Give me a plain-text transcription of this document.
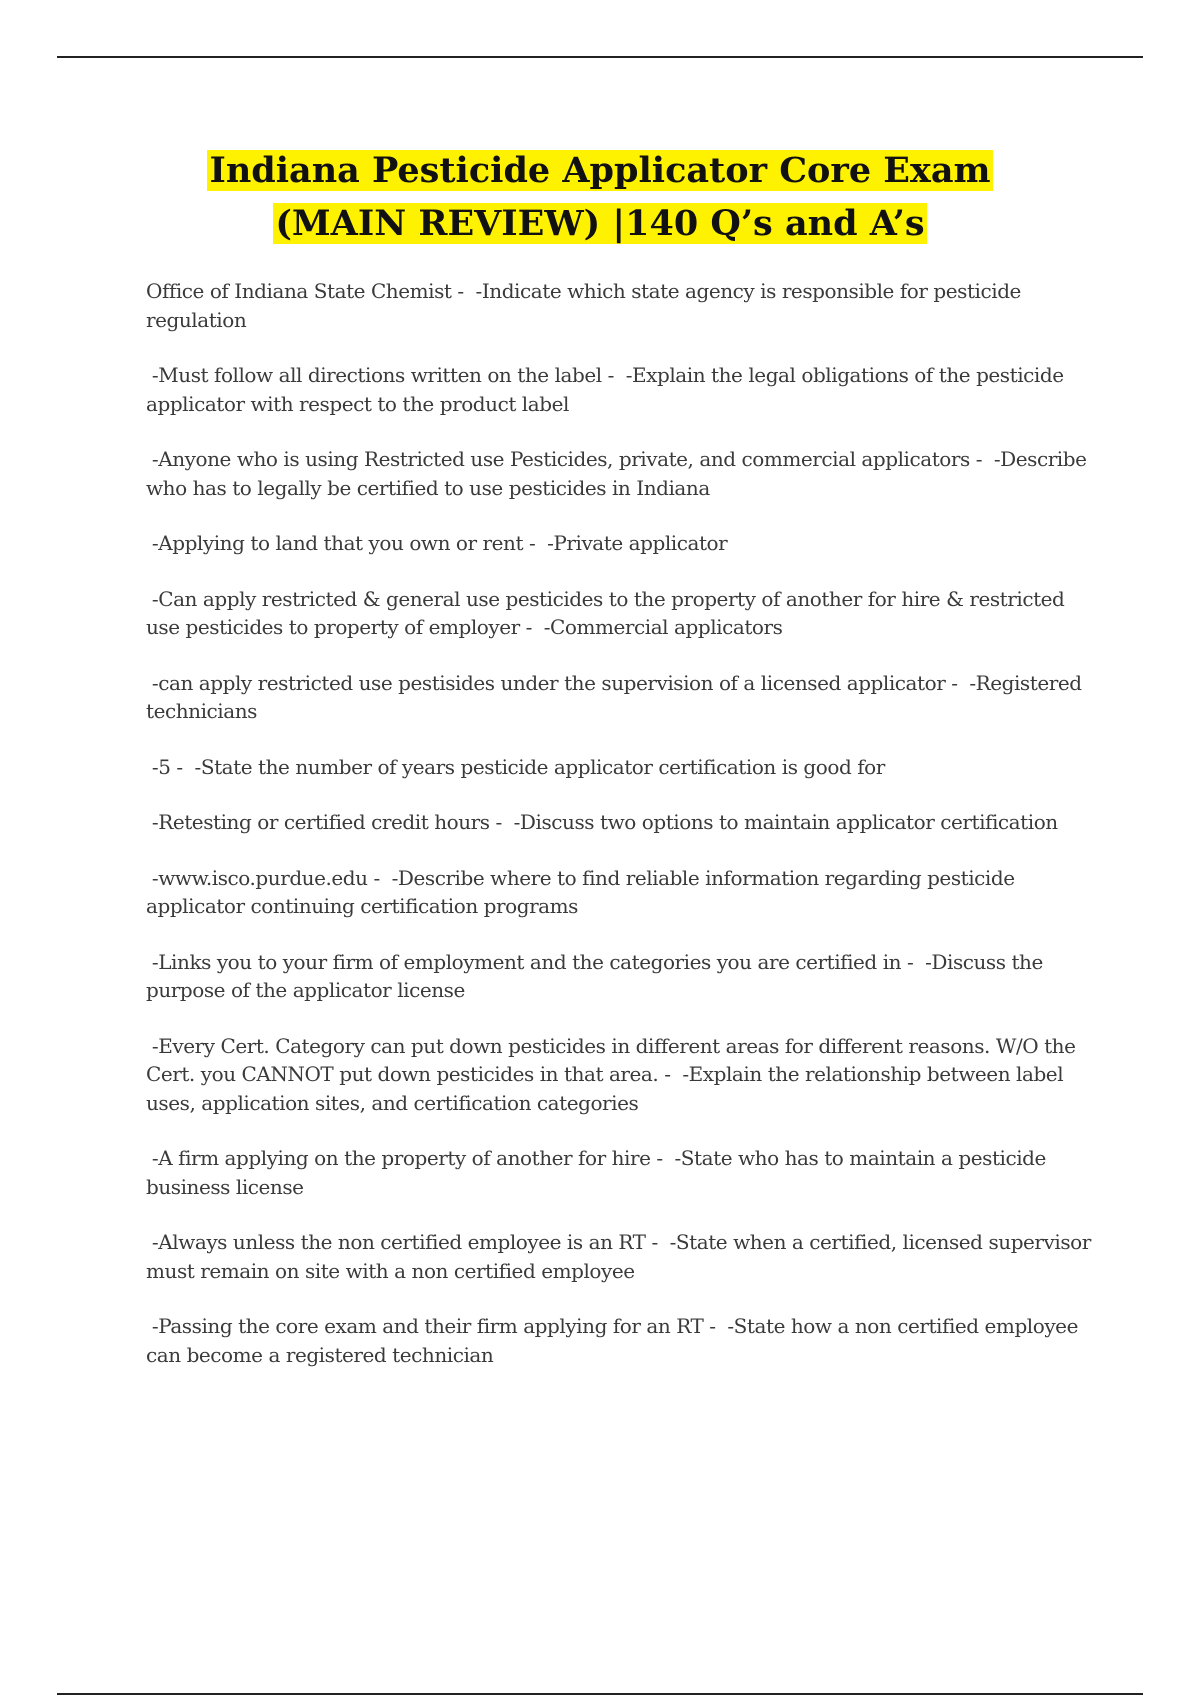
Indiana Pesticide Applicator Core Exam
(MAIN REVIEW) |140 Q’s and A’s

Office of Indiana State Chemist -  -Indicate which state agency is responsible for pesticide regulation

-Must follow all directions written on the label -  -Explain the legal obligations of the pesticide applicator with respect to the product label

-Anyone who is using Restricted use Pesticides, private, and commercial applicators -  -Describe who has to legally be certified to use pesticides in Indiana

-Applying to land that you own or rent -  -Private applicator

-Can apply restricted & general use pesticides to the property of another for hire & restricted use pesticides to property of employer -  -Commercial applicators

-can apply restricted use pestisides under the supervision of a licensed applicator -  -Registered technicians

-5 -  -State the number of years pesticide applicator certification is good for

-Retesting or certified credit hours -  -Discuss two options to maintain applicator certification

-www.isco.purdue.edu -  -Describe where to find reliable information regarding pesticide applicator continuing certification programs

-Links you to your firm of employment and the categories you are certified in -  -Discuss the purpose of the applicator license

-Every Cert. Category can put down pesticides in different areas for different reasons. W/O the Cert. you CANNOT put down pesticides in that area. -  -Explain the relationship between label uses, application sites, and certification categories

-A firm applying on the property of another for hire -  -State who has to maintain a pesticide business license

-Always unless the non certified employee is an RT -  -State when a certified, licensed supervisor must remain on site with a non certified employee

-Passing the core exam and their firm applying for an RT -  -State how a non certified employee can become a registered technician
